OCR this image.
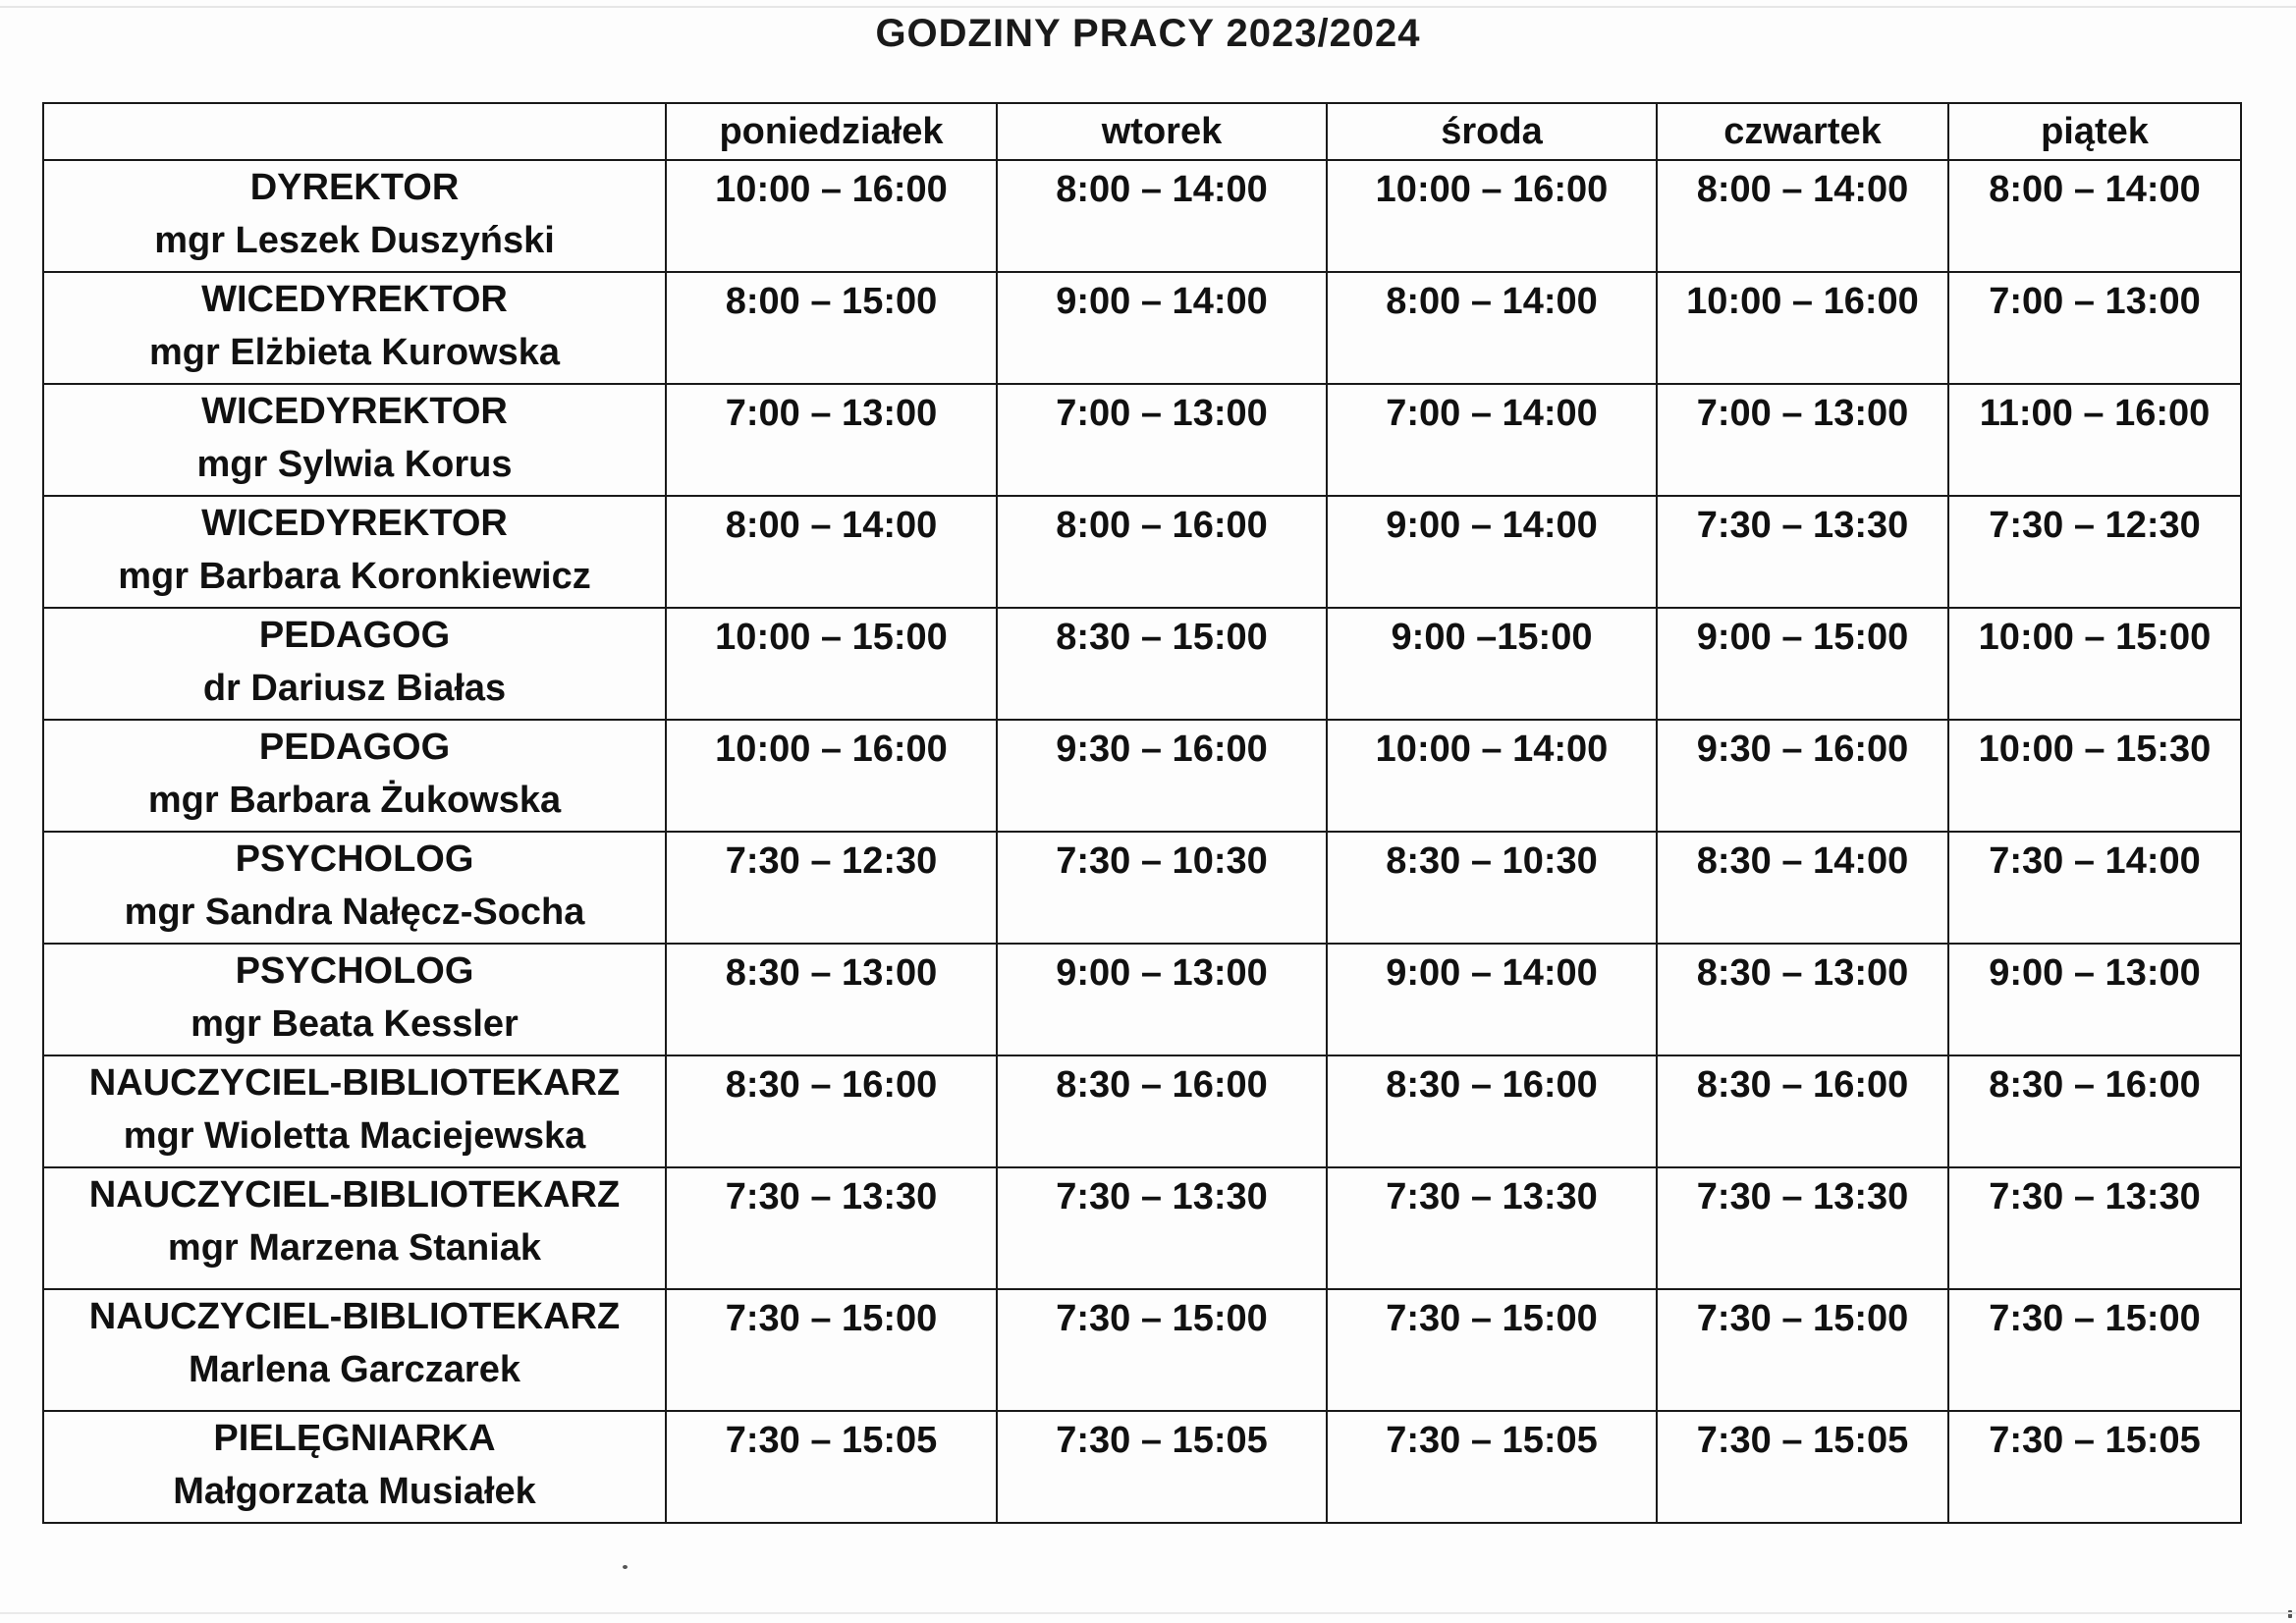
GODZINY PRACY 2023/2024
	poniedziałek	wtorek	środa	czwartek	piątek

DYREKTOR
mgr Leszek Duszyński	10:00 – 16:00	8:00 – 14:00	10:00 – 16:00	8:00 – 14:00	8:00 – 14:00

WICEDYREKTOR
mgr Elżbieta Kurowska	8:00 – 15:00	9:00 – 14:00	8:00 – 14:00	10:00 – 16:00	7:00 – 13:00

WICEDYREKTOR
mgr Sylwia Korus	7:00 – 13:00	7:00 – 13:00	7:00 – 14:00	7:00 – 13:00	11:00 – 16:00

WICEDYREKTOR
mgr Barbara Koronkiewicz	8:00 – 14:00	8:00 – 16:00	9:00 – 14:00	7:30 – 13:30	7:30 – 12:30

PEDAGOG
dr Dariusz Białas	10:00 – 15:00	8:30 – 15:00	9:00 –15:00	9:00 – 15:00	10:00 – 15:00

PEDAGOG
mgr Barbara Żukowska	10:00 – 16:00	9:30 – 16:00	10:00 – 14:00	9:30 – 16:00	10:00 – 15:30

PSYCHOLOG
mgr Sandra Nałęcz-Socha	7:30 – 12:30	7:30 – 10:30	8:30 – 10:30	8:30 – 14:00	7:30 – 14:00

PSYCHOLOG
mgr Beata Kessler	8:30 – 13:00	9:00 – 13:00	9:00 – 14:00	8:30 – 13:00	9:00 – 13:00

NAUCZYCIEL-BIBLIOTEKARZ
mgr Wioletta Maciejewska	8:30 – 16:00	8:30 – 16:00	8:30 – 16:00	8:30 – 16:00	8:30 – 16:00

NAUCZYCIEL-BIBLIOTEKARZ
mgr Marzena Staniak	7:30 – 13:30	7:30 – 13:30	7:30 – 13:30	7:30 – 13:30	7:30 – 13:30

NAUCZYCIEL-BIBLIOTEKARZ
Marlena Garczarek	7:30 – 15:00	7:30 – 15:00	7:30 – 15:00	7:30 – 15:00	7:30 – 15:00

PIELĘGNIARKA
Małgorzata Musiałek	7:30 – 15:05	7:30 – 15:05	7:30 – 15:05	7:30 – 15:05	7:30 – 15:05
